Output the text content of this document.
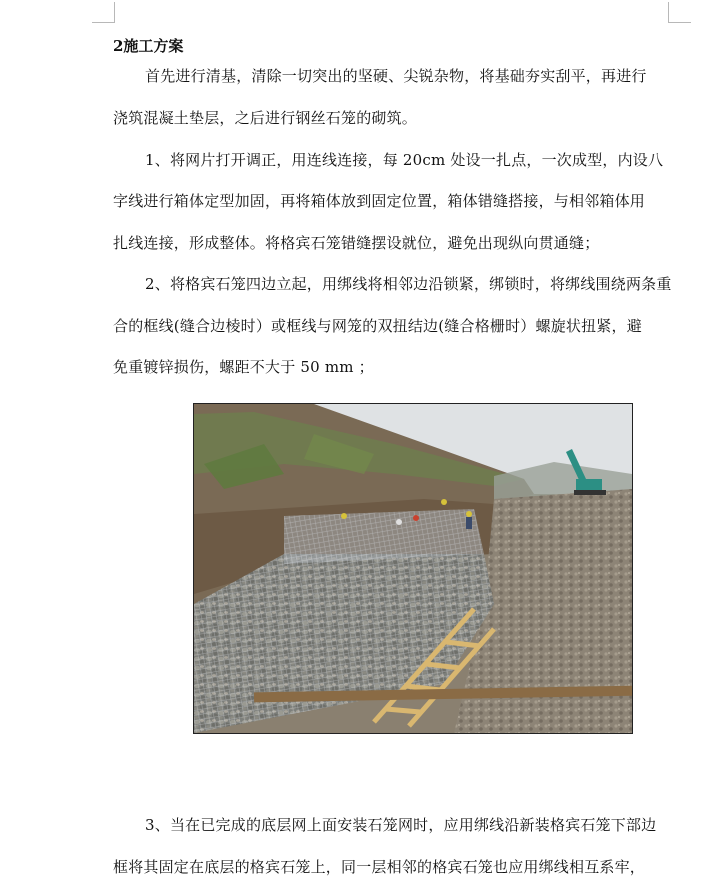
2施工方案
首先进行清基，清除一切突出的坚硬、尖锐杂物，将基础夯实刮平，再进行
浇筑混凝土垫层，之后进行钢丝石笼的砌筑。
1、将网片打开调正，用连线连接，每 20cm 处设一扎点，一次成型，内设八
字线进行箱体定型加固，再将箱体放到固定位置，箱体错缝搭接，与相邻箱体用
扎线连接，形成整体。将格宾石笼错缝摆设就位，避免出现纵向贯通缝；
2、将格宾石笼四边立起，用绑线将相邻边沿锁紧，绑锁时，将绑线围绕两条重
合的框线(缝合边棱时）或框线与网笼的双扭结边(缝合格栅时）螺旋状扭紧，避
免重镀锌损伤，螺距不大于 50 mm ；
3、当在已完成的底层网上面安装石笼网时，应用绑线沿新装格宾石笼下部边
框将其固定在底层的格宾石笼上，同一层相邻的格宾石笼也应用绑线相互系牢，
